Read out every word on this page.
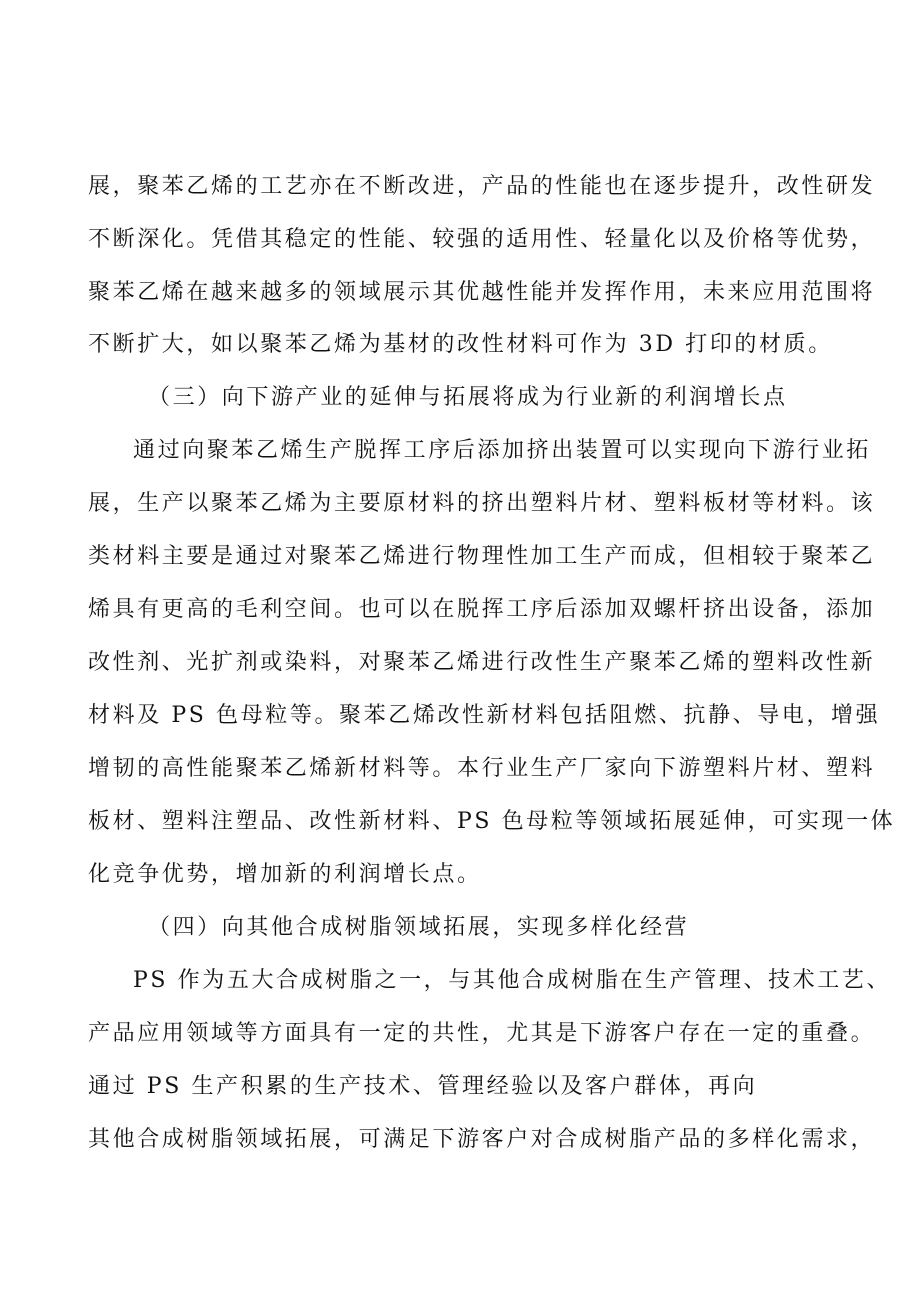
展，聚苯乙烯的工艺亦在不断改进，产品的性能也在逐步提升，改性研发
不断深化。凭借其稳定的性能、较强的适用性、轻量化以及价格等优势，
聚苯乙烯在越来越多的领域展示其优越性能并发挥作用，未来应用范围将
不断扩大，如以聚苯乙烯为基材的改性材料可作为 3D 打印的材质。
（三）向下游产业的延伸与拓展将成为行业新的利润增长点
通过向聚苯乙烯生产脱挥工序后添加挤出装置可以实现向下游行业拓
展，生产以聚苯乙烯为主要原材料的挤出塑料片材、塑料板材等材料。该
类材料主要是通过对聚苯乙烯进行物理性加工生产而成，但相较于聚苯乙
烯具有更高的毛利空间。也可以在脱挥工序后添加双螺杆挤出设备，添加
改性剂、光扩剂或染料，对聚苯乙烯进行改性生产聚苯乙烯的塑料改性新
材料及 PS 色母粒等。聚苯乙烯改性新材料包括阻燃、抗静、导电，增强
增韧的高性能聚苯乙烯新材料等。本行业生产厂家向下游塑料片材、塑料
板材、塑料注塑品、改性新材料、PS 色母粒等领域拓展延伸，可实现一体
化竞争优势，增加新的利润增长点。
（四）向其他合成树脂领域拓展，实现多样化经营
PS 作为五大合成树脂之一，与其他合成树脂在生产管理、技术工艺、
产品应用领域等方面具有一定的共性，尤其是下游客户存在一定的重叠。
通过 PS 生产积累的生产技术、管理经验以及客户群体，再向
其他合成树脂领域拓展，可满足下游客户对合成树脂产品的多样化需求，
